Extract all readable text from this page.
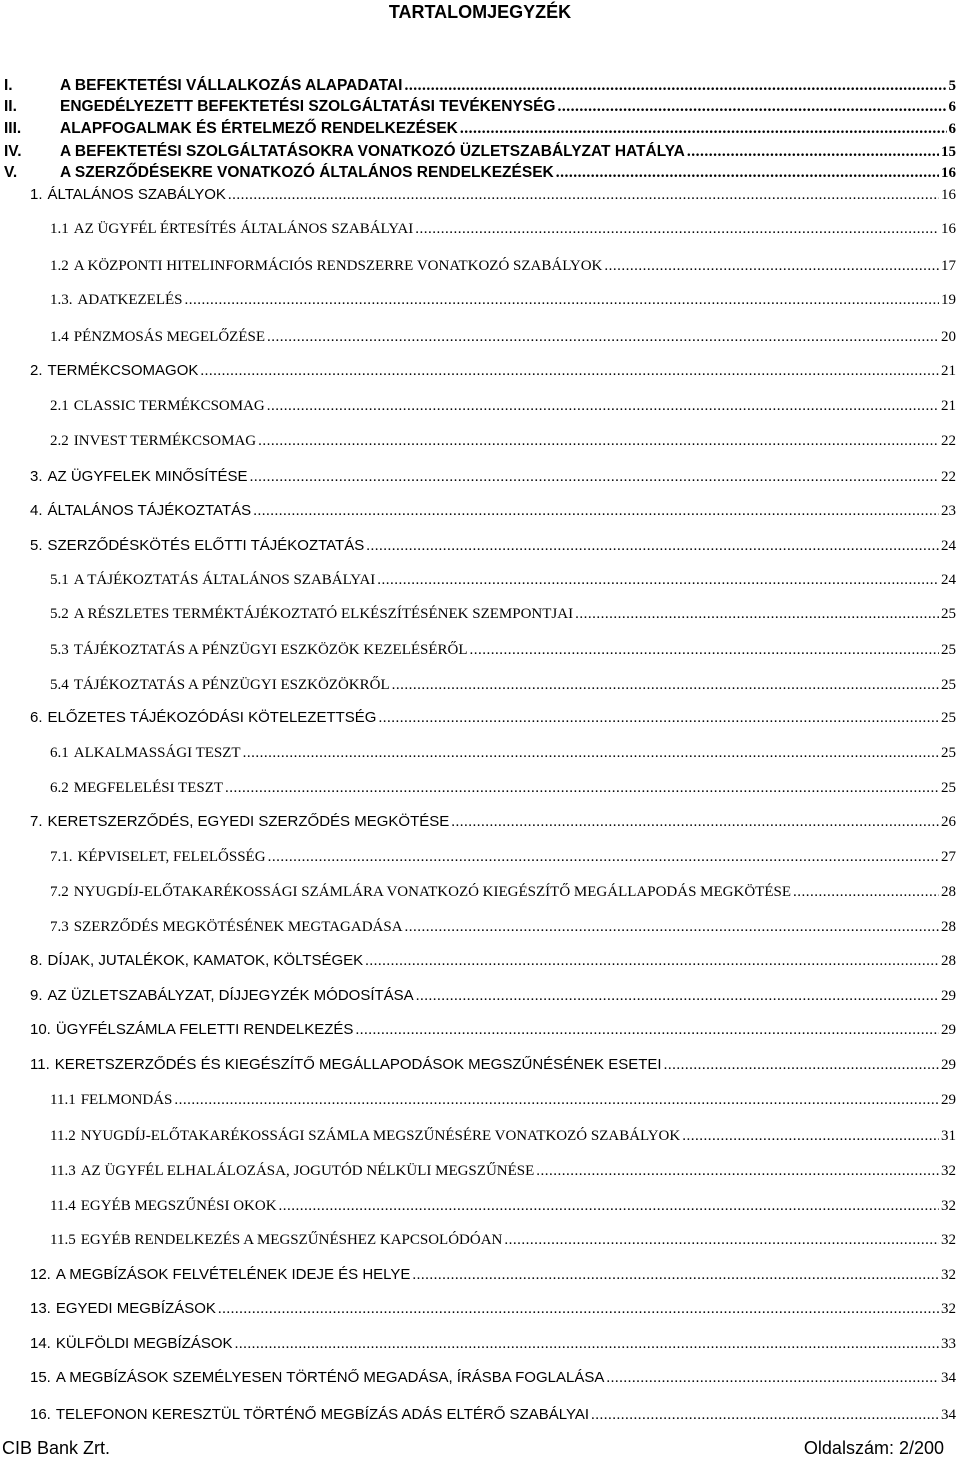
TARTALOMJEGYZÉK
I.	A BEFEKTETÉSI VÁLLALKOZÁS ALAPADATAI .....	5
II.	ENGEDÉLYEZETT BEFEKTETÉSI SZOLGÁLTATÁSI TEVÉKENYSÉG .....	6
III.	ALAPFOGALMAK ÉS ÉRTELMEZŐ RENDELKEZÉSEK .....	6
IV.	A BEFEKTETÉSI SZOLGÁLTATÁSOKRA VONATKOZÓ ÜZLETSZABÁLYZAT HATÁLYA .....	15
V.	A SZERZŐDÉSEKRE VONATKOZÓ ÁLTALÁNOS RENDELKEZÉSEK .....	16
1. ÁLTALÁNOS SZABÁLYOK .....	16
1.1 AZ ÜGYFÉL ÉRTESÍTÉS ÁLTALÁNOS SZABÁLYAI .....	16
1.2 A KÖZPONTI HITELINFORMÁCIÓS RENDSZERRE VONATKOZÓ SZABÁLYOK .....	17
1.3. ADATKEZELÉS .....	19
1.4 PÉNZMOSÁS MEGELŐZÉSE .....	20
2. TERMÉKCSOMAGOK .....	21
2.1 CLASSIC TERMÉKCSOMAG .....	21
2.2 INVEST TERMÉKCSOMAG .....	22
3. AZ ÜGYFELEK MINŐSÍTÉSE .....	22
4. ÁLTALÁNOS TÁJÉKOZTATÁS .....	23
5. SZERZŐDÉSKÖTÉS ELŐTTI TÁJÉKOZTATÁS .....	24
5.1 A TÁJÉKOZTATÁS ÁLTALÁNOS SZABÁLYAI .....	24
5.2 A RÉSZLETES TERMÉKTÁJÉKOZTATÓ ELKÉSZÍTÉSÉNEK SZEMPONTJAI .....	25
5.3 TÁJÉKOZTATÁS A PÉNZÜGYI ESZKÖZÖK KEZELÉSÉRŐL .....	25
5.4 TÁJÉKOZTATÁS A PÉNZÜGYI ESZKÖZÖKRŐL .....	25
6. ELŐZETES TÁJÉKOZÓDÁSI KÖTELEZETTSÉG .....	25
6.1 ALKALMASSÁGI TESZT .....	25
6.2 MEGFELELÉSI TESZT .....	25
7. KERETSZERZŐDÉS, EGYEDI SZERZŐDÉS MEGKÖTÉSE .....	26
7.1. KÉPVISELET, FELELŐSSÉG .....	27
7.2 NYUGDÍJ-ELŐTAKARÉKOSSÁGI SZÁMLÁRA VONATKOZÓ KIEGÉSZÍTŐ MEGÁLLAPODÁS MEGKÖTÉSE .....	28
7.3 SZERZŐDÉS MEGKÖTÉSÉNEK MEGTAGADÁSA .....	28
8. DÍJAK, JUTALÉKOK, KAMATOK, KÖLTSÉGEK .....	28
9. AZ ÜZLETSZABÁLYZAT, DÍJJEGYZÉK MÓDOSÍTÁSA .....	29
10. ÜGYFÉLSZÁMLA FELETTI RENDELKEZÉS .....	29
11. KERETSZERZŐDÉS ÉS KIEGÉSZÍTŐ MEGÁLLAPODÁSOK MEGSZŰNÉSÉNEK ESETEI .....	29
11.1 FELMONDÁS .....	29
11.2 NYUGDÍJ-ELŐTAKARÉKOSSÁGI SZÁMLA MEGSZŰNÉSÉRE VONATKOZÓ SZABÁLYOK .....	31
11.3 AZ ÜGYFÉL ELHALÁLOZÁSA, JOGUTÓD NÉLKÜLI MEGSZŰNÉSE .....	32
11.4 EGYÉB MEGSZŰNÉSI OKOK .....	32
11.5 EGYÉB RENDELKEZÉS A MEGSZŰNÉSHEZ KAPCSOLÓDÓAN .....	32
12. A MEGBÍZÁSOK FELVÉTELÉNEK IDEJE ÉS HELYE .....	32
13. EGYEDI MEGBÍZÁSOK .....	32
14. KÜLFÖLDI MEGBÍZÁSOK .....	33
15. A MEGBÍZÁSOK SZEMÉLYESEN TÖRTÉNŐ MEGADÁSA, ÍRÁSBA FOGLALÁSA .....	34
16. TELEFONON KERESZTÜL TÖRTÉNŐ MEGBÍZÁS ADÁS ELTÉRŐ SZABÁLYAI .....	34
CIB Bank Zrt.	Oldalszám: 2/200
